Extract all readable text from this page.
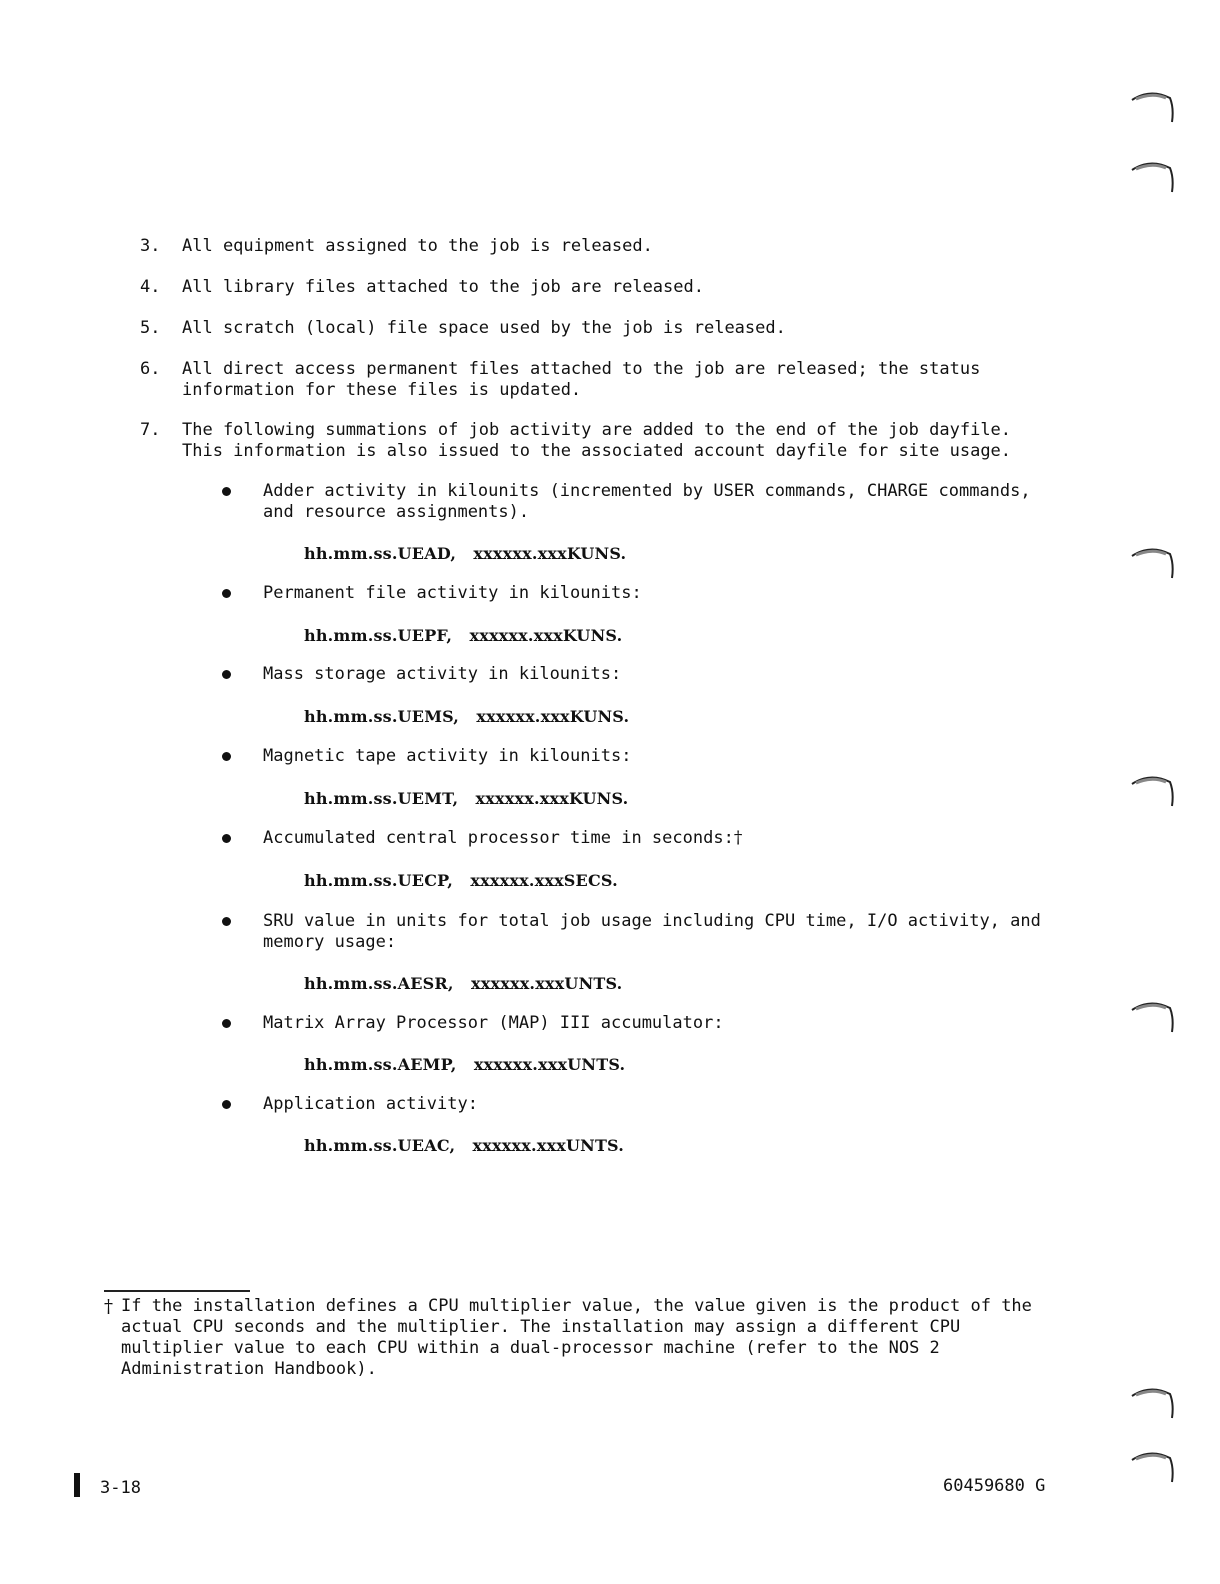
3. All equipment assigned to the job is released.
4. All library files attached to the job are released.
5. All scratch (local) file space used by the job is released.
6. All direct access permanent files attached to the job are released; the status
information for these files is updated.
7. The following summations of job activity are added to the end of the job dayfile.
This information is also issued to the associated account dayfile for site usage.
Adder activity in kilounits (incremented by USER commands, CHARGE commands,
and resource assignments).
hh.mm.ss.UEAD,   xxxxxx.xxxKUNS.
Permanent file activity in kilounits:
hh.mm.ss.UEPF,   xxxxxx.xxxKUNS.
Mass storage activity in kilounits:
hh.mm.ss.UEMS,   xxxxxx.xxxKUNS.
Magnetic tape activity in kilounits:
hh.mm.ss.UEMT,   xxxxxx.xxxKUNS.
Accumulated central processor time in seconds:†
hh.mm.ss.UECP,   xxxxxx.xxxSECS.
SRU value in units for total job usage including CPU time, I/O activity, and
memory usage:
hh.mm.ss.AESR,   xxxxxx.xxxUNTS.
Matrix Array Processor (MAP) III accumulator:
hh.mm.ss.AEMP,   xxxxxx.xxxUNTS.
Application activity:
hh.mm.ss.UEAC,   xxxxxx.xxxUNTS.
† If the installation defines a CPU multiplier value, the value given is the product of the
actual CPU seconds and the multiplier. The installation may assign a different CPU
multiplier value to each CPU within a dual-processor machine (refer to the NOS 2
Administration Handbook).
3-18	60459680 G
